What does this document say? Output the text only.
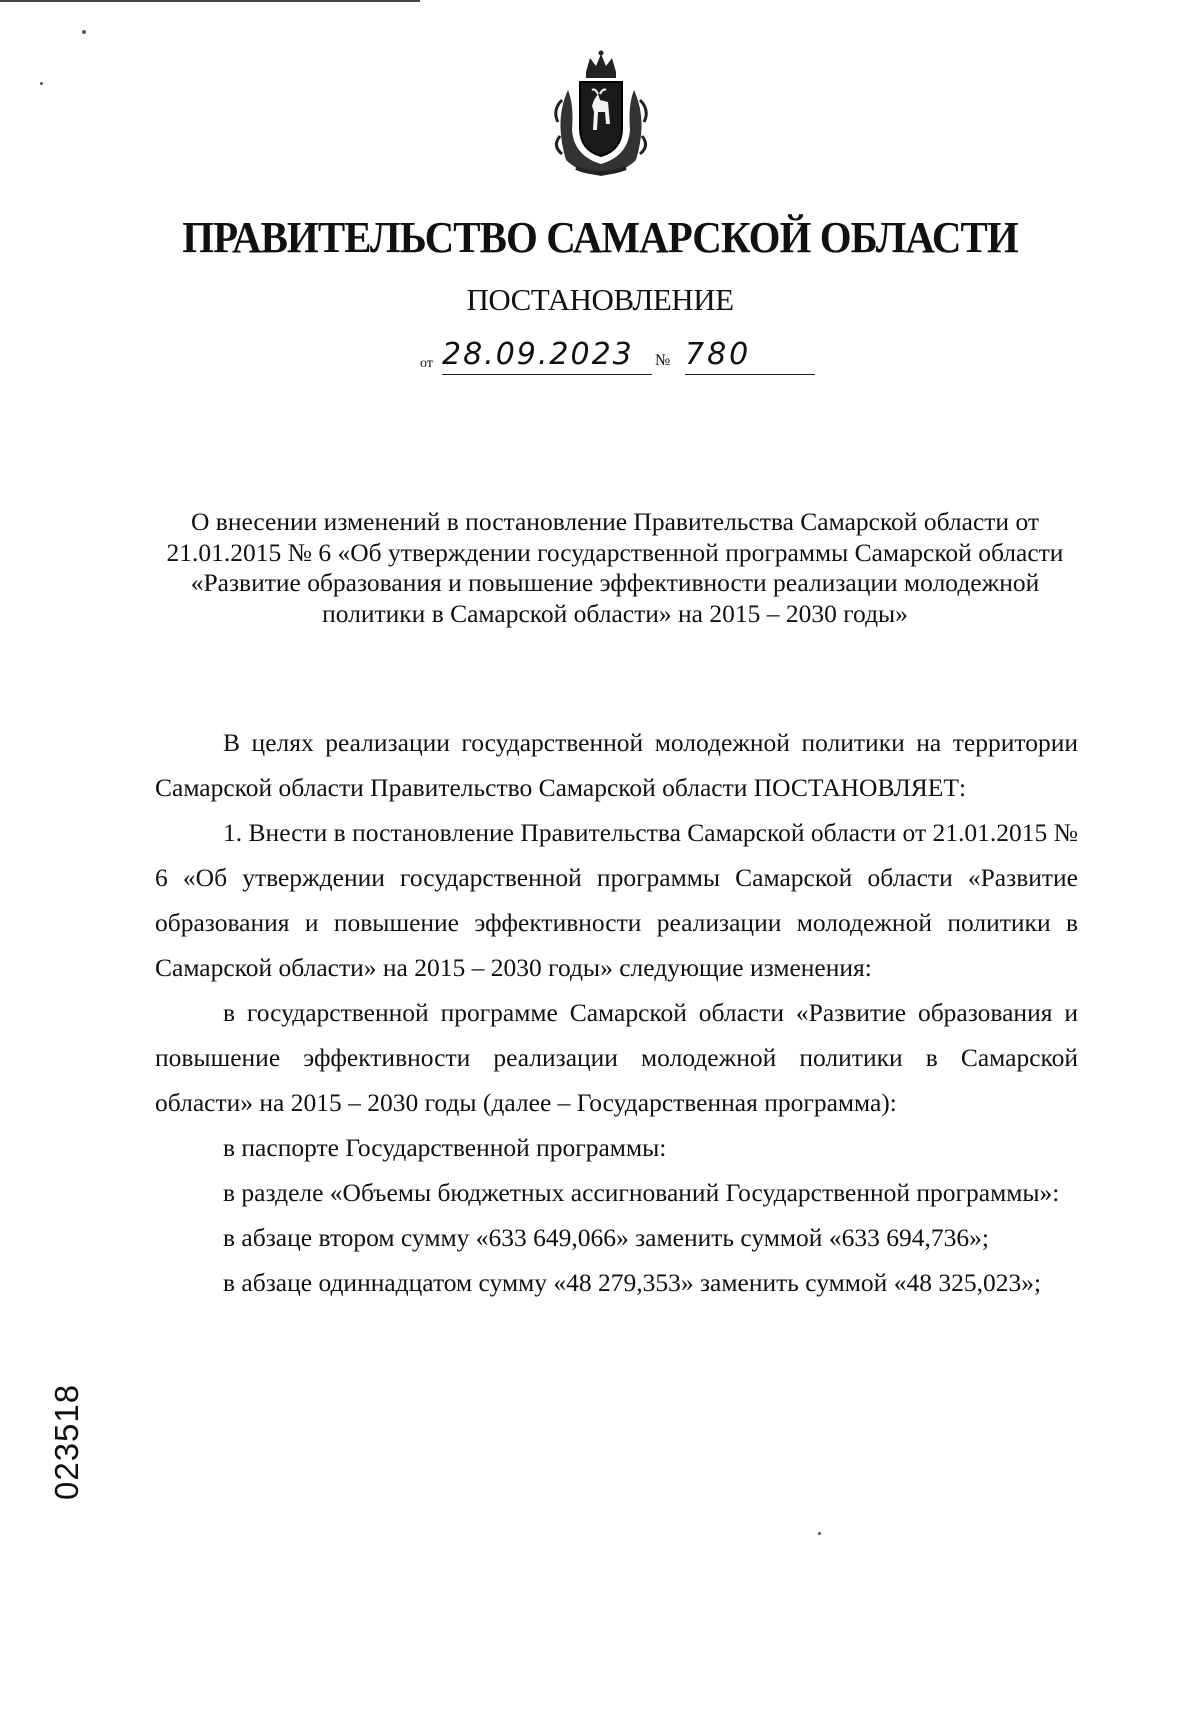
ПРАВИТЕЛЬСТВО САМАРСКОЙ ОБЛАСТИ
ПОСТАНОВЛЕНИЕ
от 28.09.2023	№ 780
О внесении изменений в постановление Правительства Самарской области от 21.01.2015 № 6 «Об утверждении государственной программы Самарской области «Развитие образования и повышение эффективности реализации молодежной политики в Самарской области» на 2015 – 2030 годы»

В целях реализации государственной молодежной политики на территории Самарской области Правительство Самарской области ПОСТАНОВЛЯЕТ:

1. Внести в постановление Правительства Самарской области от 21.01.2015 № 6 «Об утверждении государственной программы Самарской области «Развитие образования и повышение эффективности реализации молодежной политики в Самарской области» на 2015 – 2030 годы» следующие изменения:

в государственной программе Самарской области «Развитие образования и повышение эффективности реализации молодежной политики в Самарской области» на 2015 – 2030 годы (далее – Государственная программа):

в паспорте Государственной программы:

в разделе «Объемы бюджетных ассигнований Государственной программы»:

в абзаце втором сумму «633 649,066» заменить суммой «633 694,736»;

в абзаце одиннадцатом сумму «48 279,353» заменить суммой «48 325,023»;

023518
